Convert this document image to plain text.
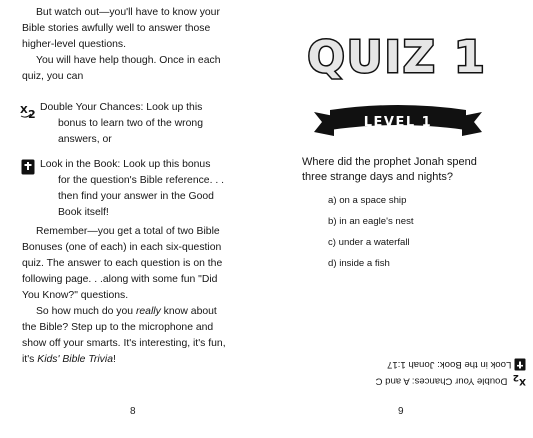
But watch out—you'll have to know your
Bible stories awfully well to answer those
higher-level questions.
You will have help though. Once in each
quiz, you can
X 2
Double Your Chances: Look up this
bonus to learn two of the wrong
answers, or
Look in the Book: Look up this bonus
for the question's Bible reference. . .
then find your answer in the Good
Book itself!
Remember—you get a total of two Bible
Bonuses (one of each) in each six-question
quiz. The answer to each question is on the
following page. . .along with some fun "Did
You Know?" questions.
So how much do you really know about
the Bible? Step up to the microphone and
show off your smarts. It's interesting, it's fun,
it's Kids' Bible Trivia!
8
QUIZ 1
LEVEL 1
Where did the prophet Jonah spend
three strange days and nights?
a) on a space ship
b) in an eagle's nest
c) under a waterfall
d) inside a fish
9
X
2
Double Your Chances: A and C
Look in the Book: Jonah 1:17
